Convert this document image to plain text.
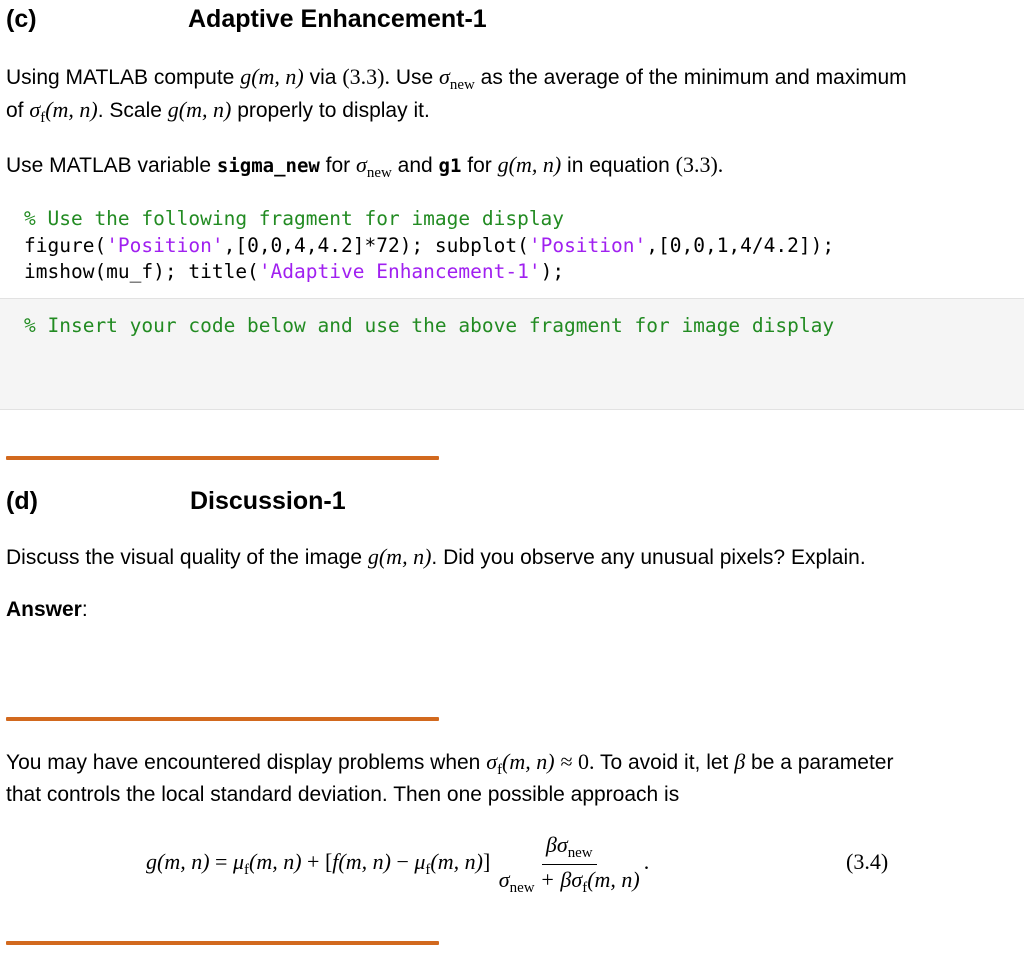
(c)	Adaptive Enhancement-1
Using MATLAB compute g(m, n) via (3.3). Use $\sigma_{new}$ as the average of the minimum and maximum
of $\sigma_f(m$, n). Scale g(m, n) properly to display it.
Use MATLAB variable sigma_new for $\sigma_{new}$ and g1 for g(m, n) in equation (3.3).
% Use the following fragment for image display
figure('Position',[0,0,4,4.2]*72); subplot('Position',[0,0,1,4/4.2]);
imshow(mu_f); title('Adaptive Enhancement-1');
% Insert your code below and use the above fragment for image display
(d)	Discussion-1
Discuss the visual quality of the image g(m, n). Did you observe any unusual pixels? Explain.
Answer:
You may have encountered display problems when $\sigma_f(m$, n) ≈ 0. To avoid it, let β be a parameter
that controls the local standard deviation. Then one possible approach is
g(m, $n) = \mu_f(m$, n) + [f(m, $n) - \mu_f(m$, $n)] \frac{\beta\sigma_{new}}{\sigma_{new} + \beta\sigma_f(m, n)}$ .	(3.4)
